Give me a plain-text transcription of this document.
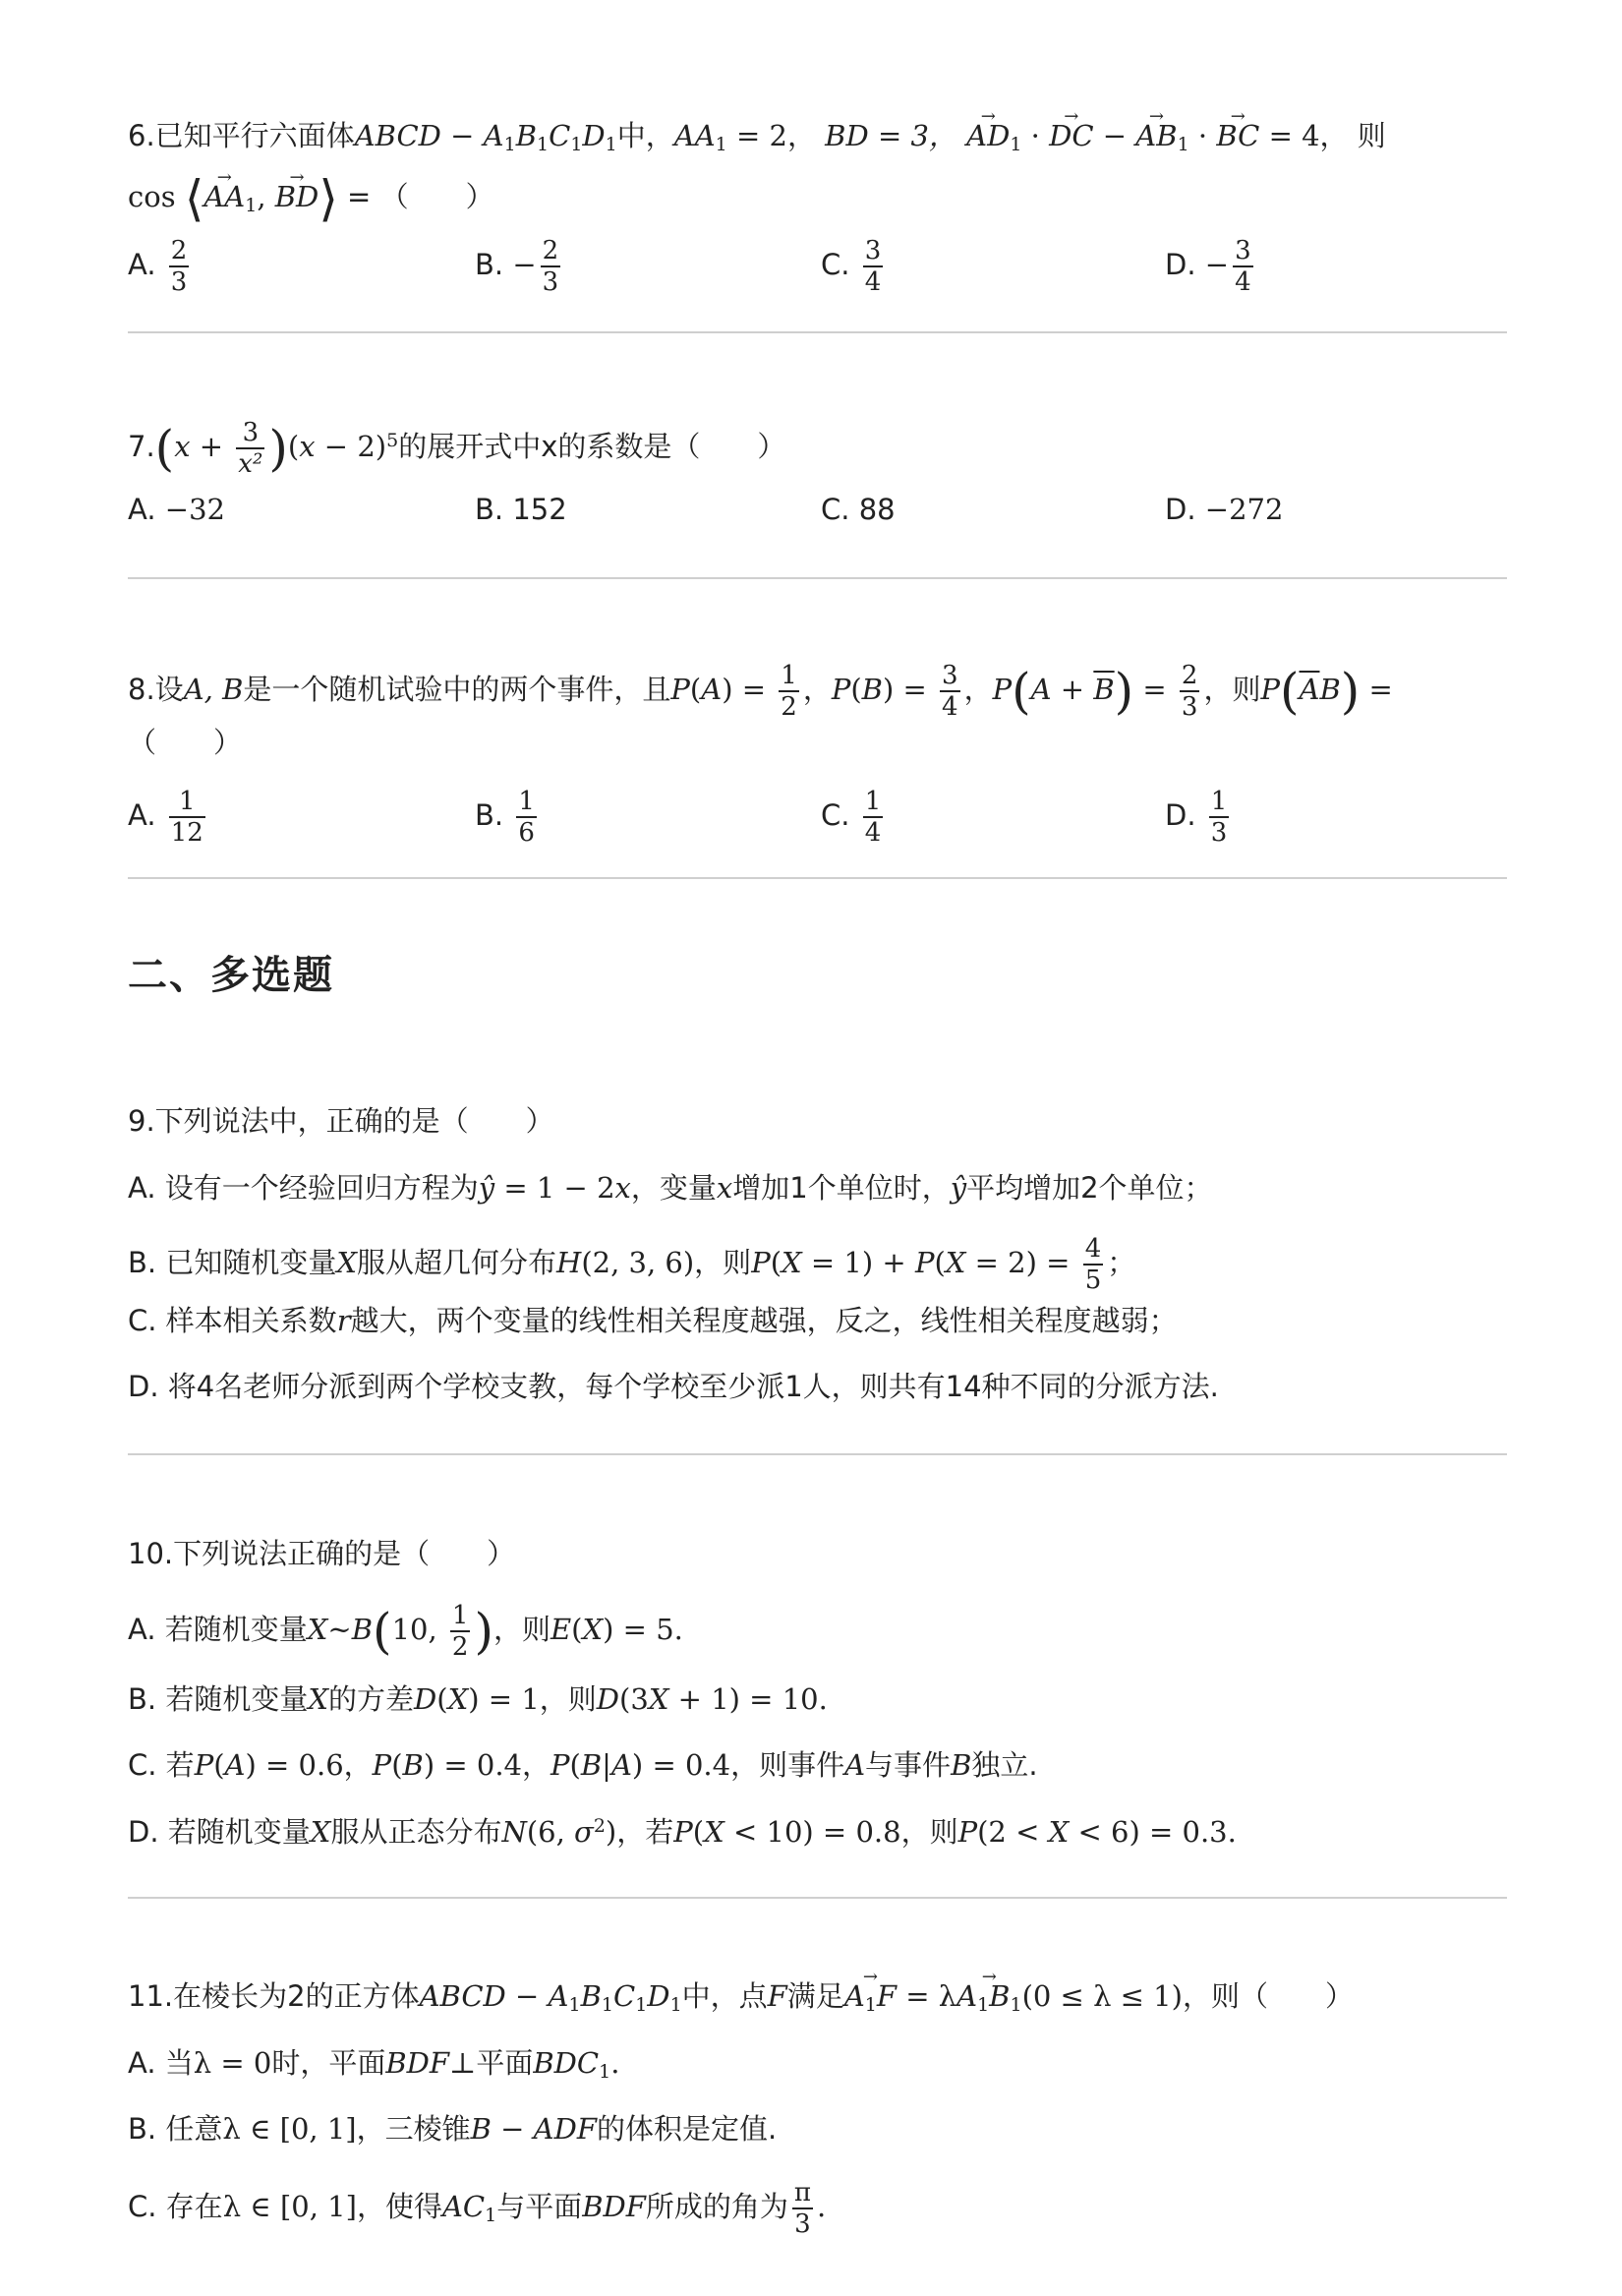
6.已知平行六面体ABCD − $A_1B_1C_1D_1$中，$AA_1 = 2$， BD = 3， → $AD_1$ · → DC − → $AB_1$ · → BC = 4， 则
cos ⟨→ $AA_1$, → BD⟩ = （　　）
A. $\frac{2}{3}$	B. − $\frac{2}{3}$	C. $\frac{3}{4}$	D. − $\frac{3}{4}$
$7.(x + \frac{3}{\text{x²}} )(x - 2)^5$的展开式中x的系数是（　　）
A. −32	B. 152	C. 88	D. −272
8.设A, B是一个随机试验中的两个事件，且$P(A) = \frac{1}{2}$ ，$P(B) = \frac{3}{4}$ ，$P(A + \overline{B}) = \frac{2}{3}$ ，则$P(\overline{A}B)$ =
（　　）
A. $\frac{1}{12}$	B. $\frac{1}{6}$	C. $\frac{1}{4}$	D. $\frac{1}{3}$
二、多选题
9.下列说法中，正确的是（　　）
A. 设有一个经验回归方程为ŷ = 1 − 2x，变量x增加1个单位时，ŷ平均增加2个单位；
B. 已知随机变量X服从超几何分布H(2, 3, 6)，则$P(X = 1) + P(X = 2) = \frac{4}{5}$ ；
C. 样本相关系数r越大，两个变量的线性相关程度越强，反之，线性相关程度越弱；
D. 将4名老师分派到两个学校支教，每个学校至少派1人，则共有14种不同的分派方法.
10.下列说法正确的是（　　）
A. 若随机变量X~B(10, $\frac{1}{2}$ )，则E(X) = 5.
B. 若随机变量X的方差D(X) = 1，则D(3X + 1) = 10.
C. 若P(A) = 0.6，P(B) = 0.4，P(B|A) = 0.4，则事件A与事件B独立.
D. 若随机变量X服从正态分布N(6, $\sigma^2$)，若P(X < 10) = 0.8，则P(2 < X < 6) = 0.3.
11.在棱长为2的正方体ABCD − $A_1B_1C_1D_1$中，点F满足→ $A_1F = \lambda\to A_1B_1(0 \le \lambda \le 1)$，则（　　）
A. 当λ = 0时，平面BDF⊥平面$BDC_1$.
B. 任意λ ∈ [0, 1]，三棱锥B − ADF的体积是定值.
C. 存在λ ∈ [0, 1]，使得$AC_1$与平面BDF所成的角为 $\frac{\pi}{3}$ .
